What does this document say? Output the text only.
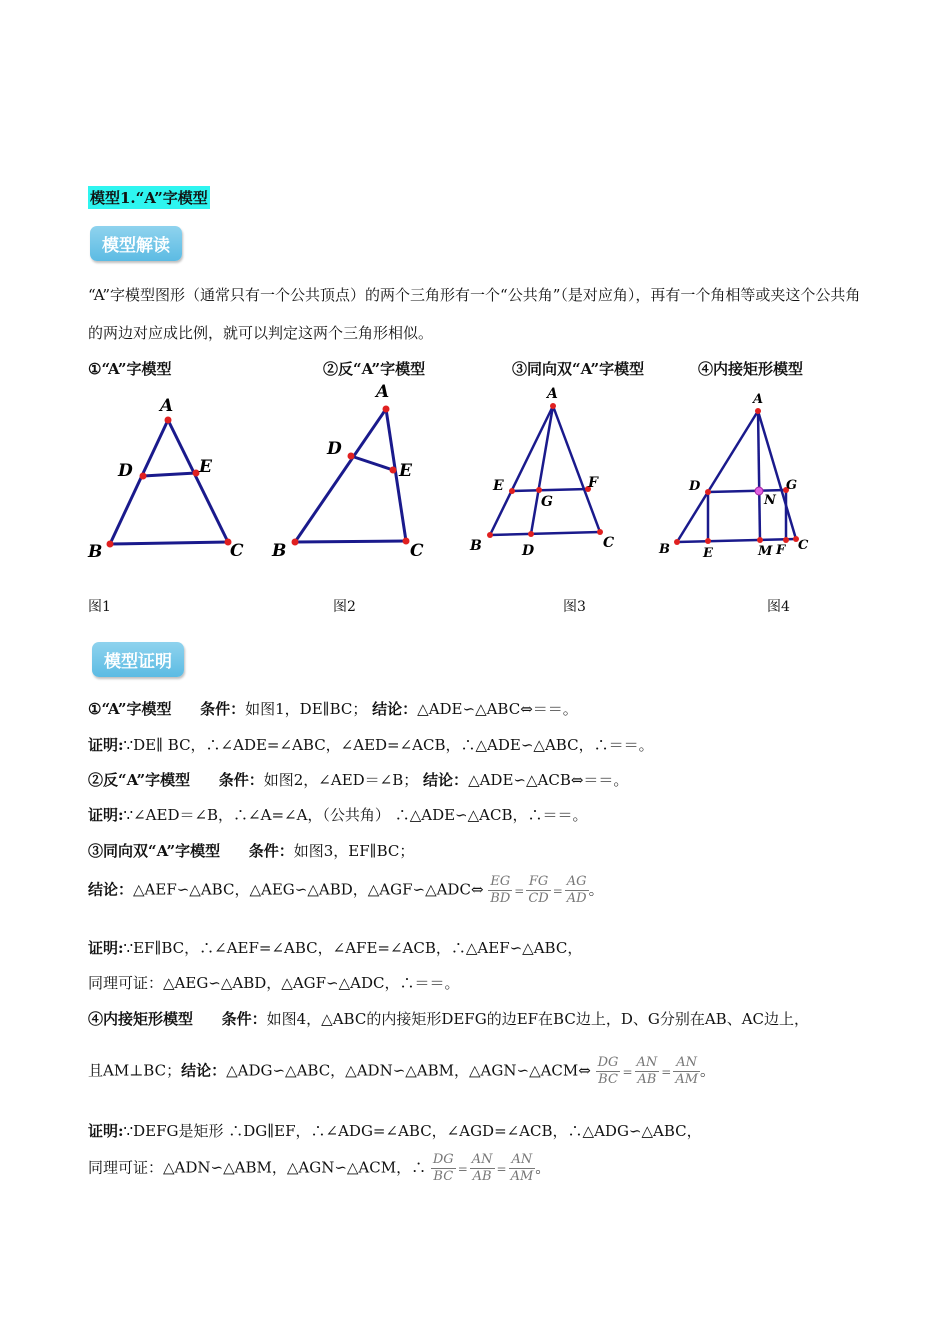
模型1.“A”字模型
模型解读
“A”字模型图形（通常只有一个公共顶点）的两个三角形有一个“公共角”（是对应角），再有一个角相等或夹这个公共角的两边对应成比例，就可以判定这两个三角形相似。
①“A”字模型	②反“A”字模型	③同向双“A”字模型	④内接矩形模型
A
D	E
B	C
A
D
E
B	C
A
E	F
G
B	D	C
A
D	G
N
B	E	M F C
图1	图2	图3	图4
模型证明
①“A”字模型 条件：如图1，DE∥BC； 结论：△ADE∽△ABC⇔＝＝。
证明:∵DE∥ BC，∴∠ADE=∠ABC，∠AED=∠ACB，∴△ADE∽△ABC，∴＝＝。
②反“A”字模型 条件：如图2，∠AED＝∠B； 结论：△ADE∽△ACB⇔＝＝。
证明:∵∠AED＝∠B，∴∠A=∠A，（公共角） ∴△ADE∽△ACB，∴＝＝。
③同向双“A”字模型 条件：如图3，EF∥BC；
结论：△AEF∽△ABC，△AEG∽△ABD，△AGF∽△ADC⇔ $\frac{EG}{BD} = \frac{FG}{CD} = \frac{AG}{AD}$ 。
证明:∵EF∥BC，∴∠AEF=∠ABC，∠AFE=∠ACB，∴△AEF∽△ABC，
同理可证：△AEG∽△ABD，△AGF∽△ADC，∴＝＝。
④内接矩形模型 条件：如图4，△ABC的内接矩形DEFG的边EF在BC边上，D、G分别在AB、AC边上，
且AM⊥BC；结论：△ADG∽△ABC，△ADN∽△ABM，△AGN∽△ACM⇔ $\frac{DG}{BC} = \frac{AN}{AB} = \frac{AN}{AM}$ 。
证明:∵DEFG是矩形 ∴DG∥EF，∴∠ADG=∠ABC，∠AGD=∠ACB，∴△ADG∽△ABC，
同理可证：△ADN∽△ABM，△AGN∽△ACM，∴ $\frac{DG}{BC} = \frac{AN}{AB} = \frac{AN}{AM}$ 。
